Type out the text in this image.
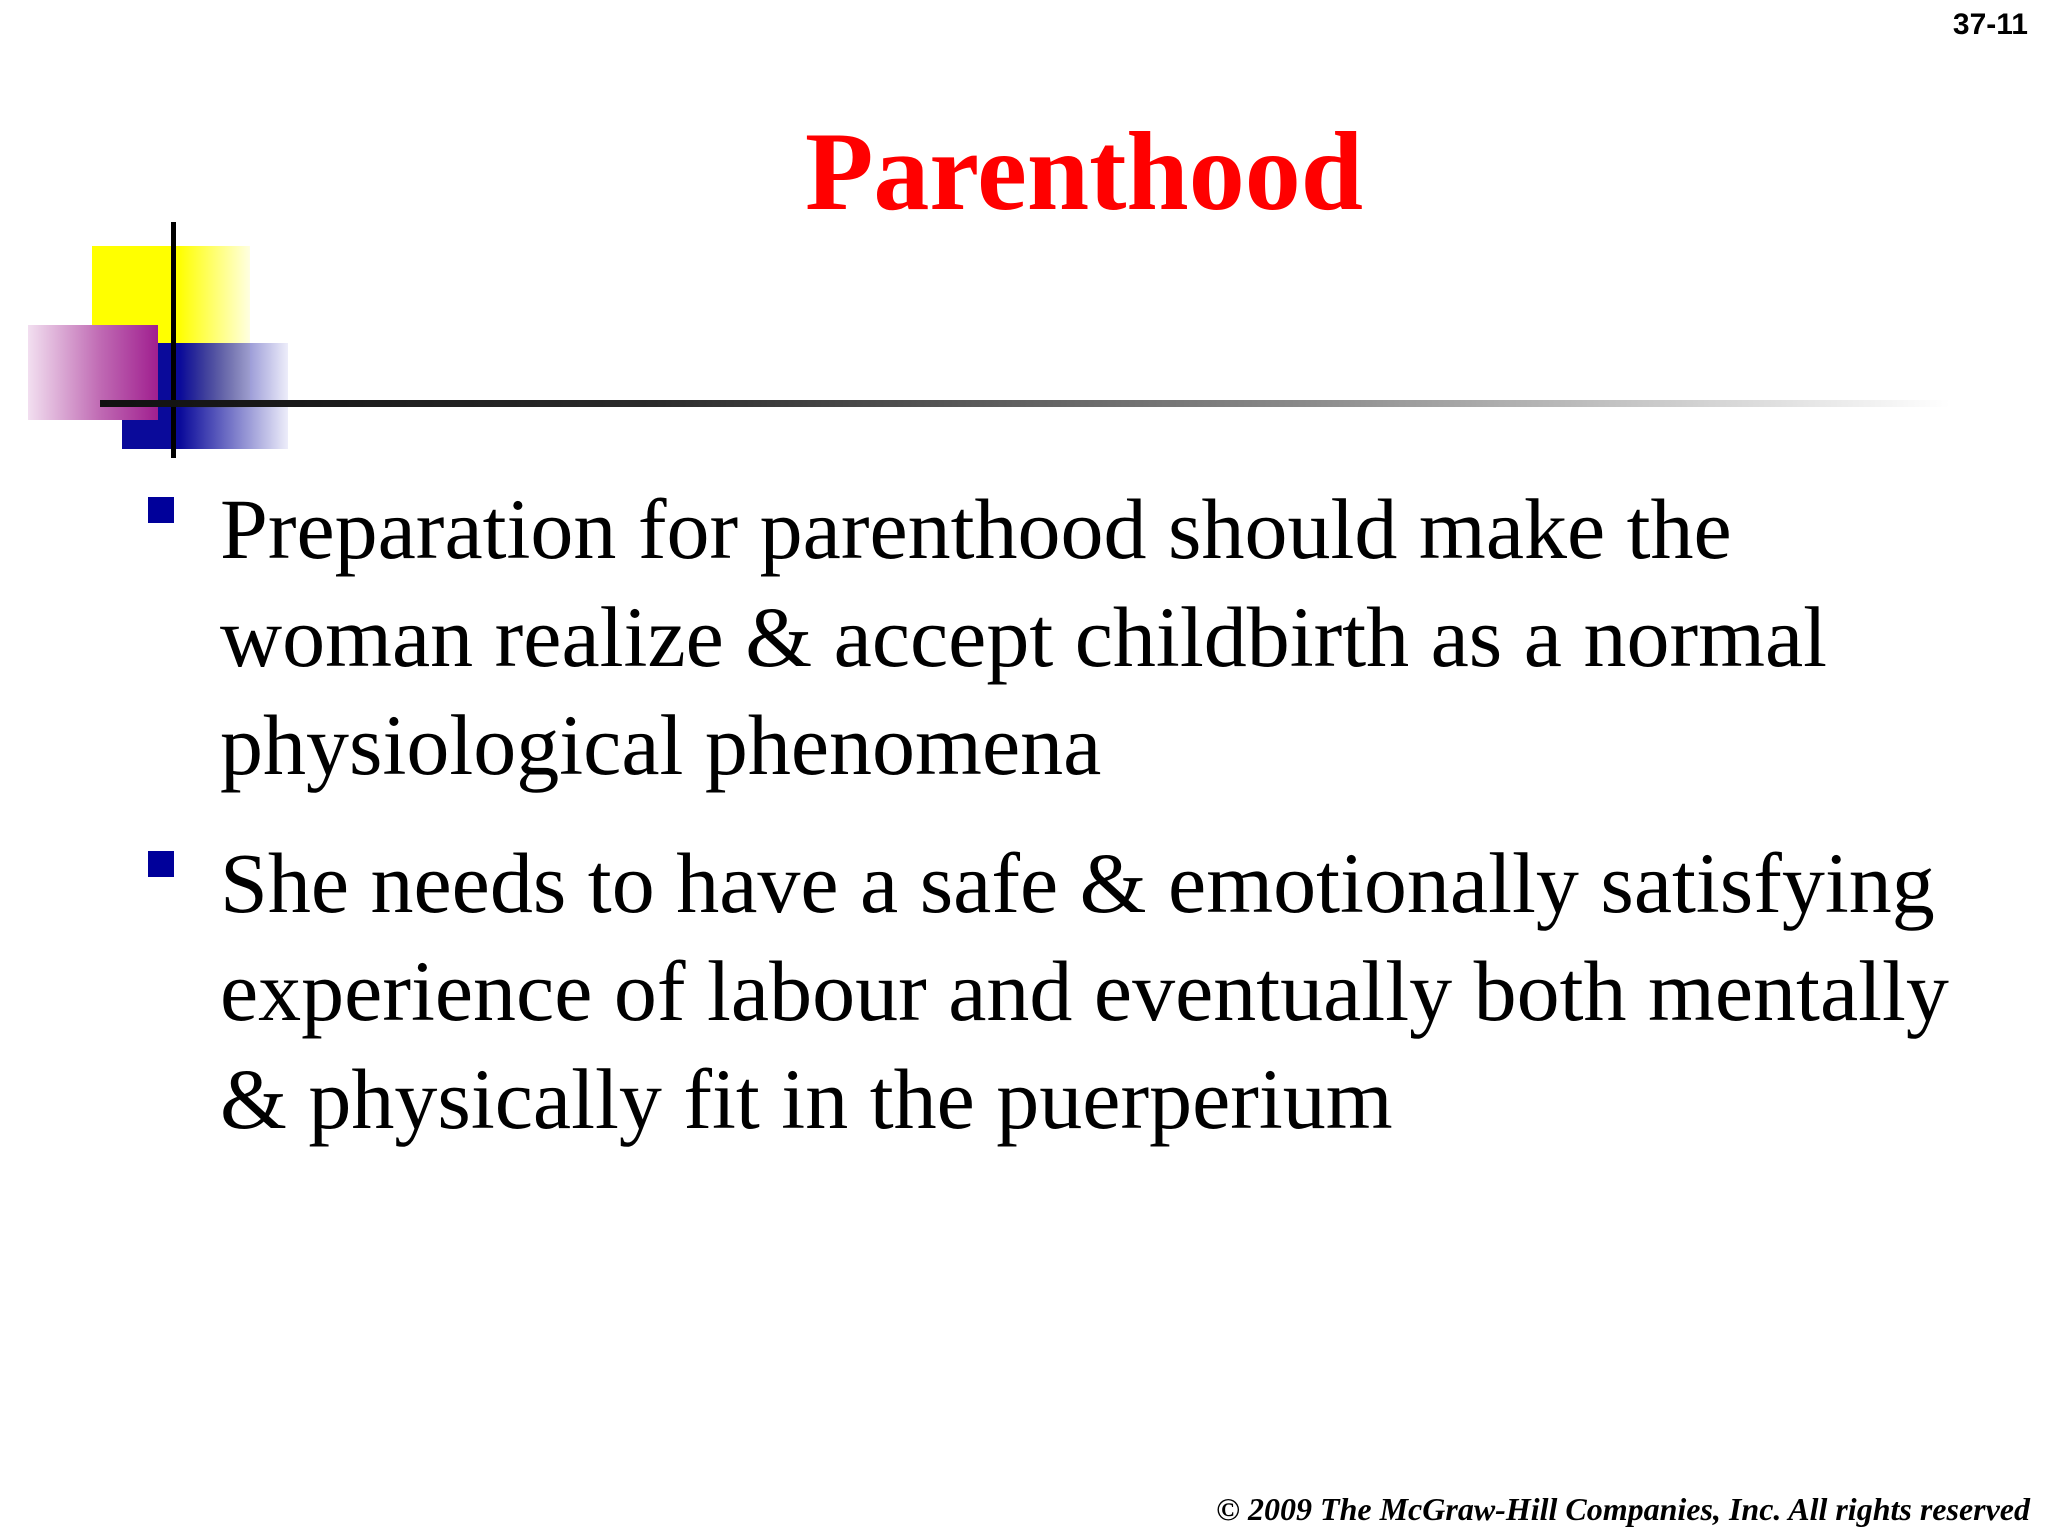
37-11
Parenthood
Preparation for parenthood should make the woman realize & accept childbirth as a normal physiological phenomena
She needs to have a safe & emotionally satisfying experience of labour and eventually both mentally & physically fit in the puerperium
© 2009 The McGraw-Hill Companies, Inc. All rights reserved
